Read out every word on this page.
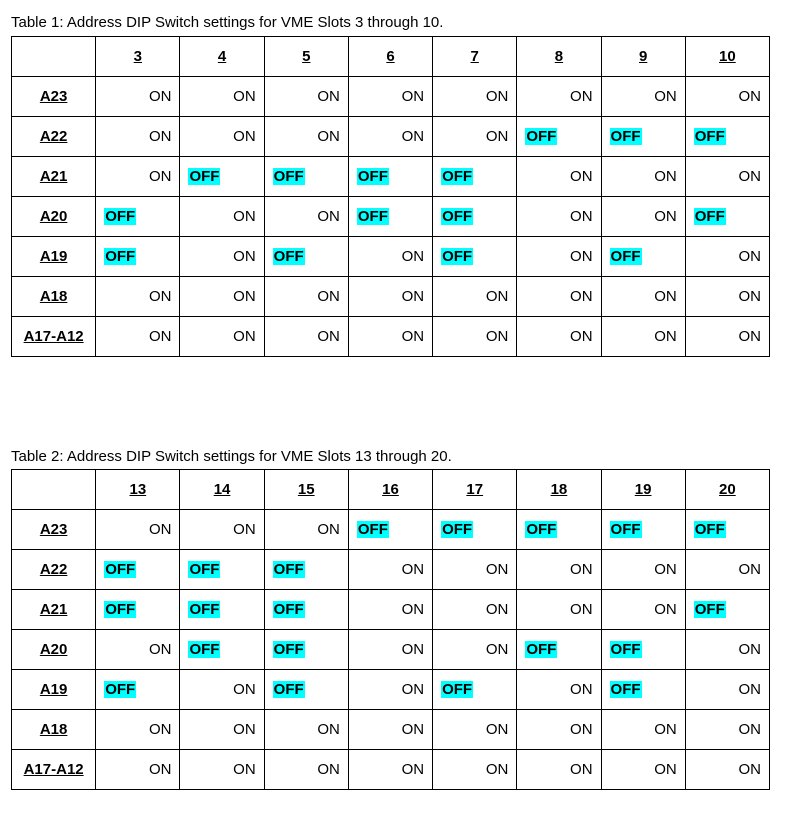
Table 1: Address DIP Switch settings for VME Slots 3 through 10.
	3	4	5	6	7	8	9	10
A23	ON	ON	ON	ON	ON	ON	ON	ON
A22	ON	ON	ON	ON	ON	OFF	OFF	OFF
A21	ON	OFF	OFF	OFF	OFF	ON	ON	ON
A20	OFF	ON	ON	OFF	OFF	ON	ON	OFF
A19	OFF	ON	OFF	ON	OFF	ON	OFF	ON
A18	ON	ON	ON	ON	ON	ON	ON	ON
A17-A12	ON	ON	ON	ON	ON	ON	ON	ON
Table 2: Address DIP Switch settings for VME Slots 13 through 20.
	13	14	15	16	17	18	19	20
A23	ON	ON	ON	OFF	OFF	OFF	OFF	OFF
A22	OFF	OFF	OFF	ON	ON	ON	ON	ON
A21	OFF	OFF	OFF	ON	ON	ON	ON	OFF
A20	ON	OFF	OFF	ON	ON	OFF	OFF	ON
A19	OFF	ON	OFF	ON	OFF	ON	OFF	ON
A18	ON	ON	ON	ON	ON	ON	ON	ON
A17-A12	ON	ON	ON	ON	ON	ON	ON	ON
